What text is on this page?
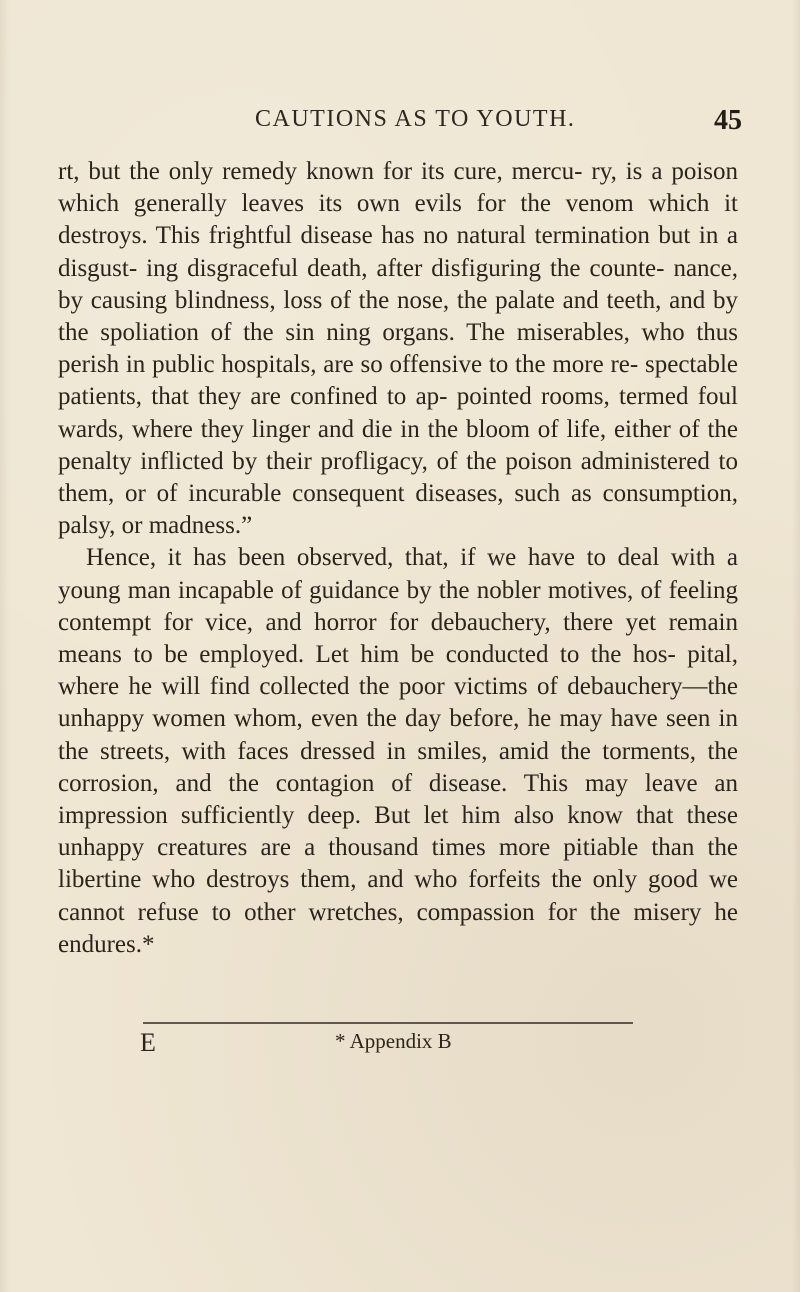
CAUTIONS AS TO YOUTH.	45

rt, but the only remedy known for its cure, mercu- ry, is a poison which generally leaves its own evils for the venom which it destroys. This frightful disease has no natural termination but in a disgust- ing disgraceful death, after disfiguring the counte- nance, by causing blindness, loss of the nose, the palate and teeth, and by the spoliation of the sin ning organs. The miserables, who thus perish in public hospitals, are so offensive to the more re- spectable patients, that they are confined to ap- pointed rooms, termed foul wards, where they linger and die in the bloom of life, either of the penalty inflicted by their profligacy, of the poison administered to them, or of incurable consequent diseases, such as consumption, palsy, or madness.”

Hence, it has been observed, that, if we have to deal with a young man incapable of guidance by the nobler motives, of feeling contempt for vice, and horror for debauchery, there yet remain means to be employed. Let him be conducted to the hos- pital, where he will find collected the poor victims of debauchery—the unhappy women whom, even the day before, he may have seen in the streets, with faces dressed in smiles, amid the torments, the corrosion, and the contagion of disease. This may leave an impression sufficiently deep. But let him also know that these unhappy creatures are a thousand times more pitiable than the libertine who destroys them, and who forfeits the only good we cannot refuse to other wretches, compassion for the misery he endures.*

E	* Appendix B
